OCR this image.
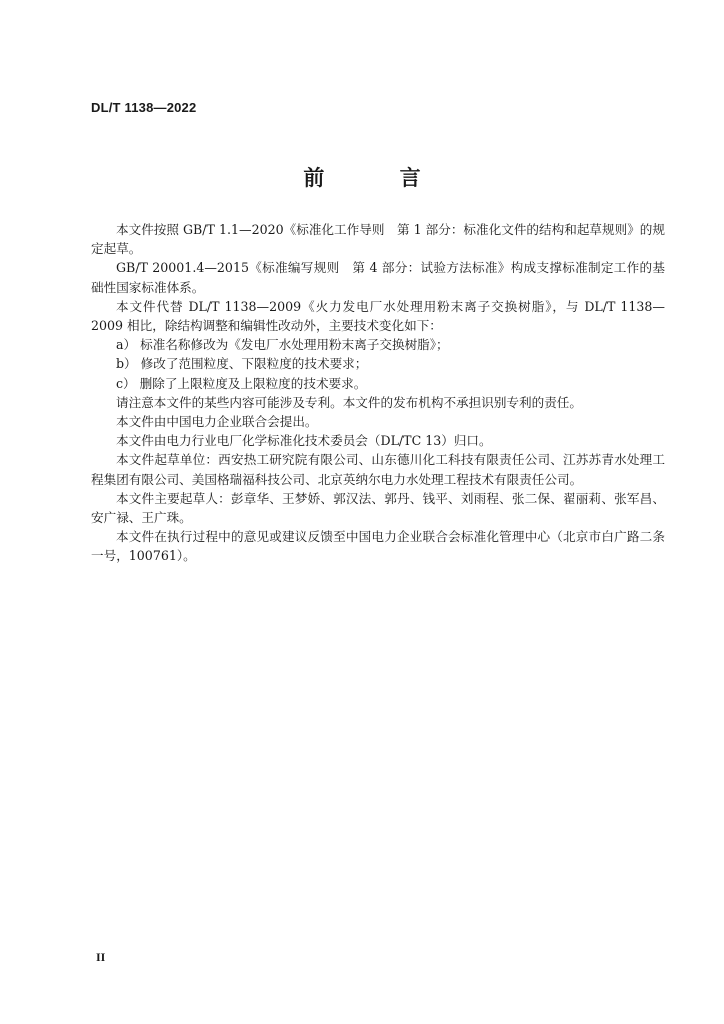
DL/T 1138—2022
前 言

本文件按照 GB/T 1.1—2020《标准化工作导则　第 1 部分：标准化文件的结构和起草规则》的规定起草。

GB/T 20001.4—2015《标准编写规则　第 4 部分：试验方法标准》构成支撑标准制定工作的基础性国家标准体系。

本文件代替 DL/T 1138—2009《火力发电厂水处理用粉末离子交换树脂》，与 DL/T 1138—2009 相比，除结构调整和编辑性改动外，主要技术变化如下：

a） 标准名称修改为《发电厂水处理用粉末离子交换树脂》；

b） 修改了范围粒度、下限粒度的技术要求；

c） 删除了上限粒度及上限粒度的技术要求。

请注意本文件的某些内容可能涉及专利。本文件的发布机构不承担识别专利的责任。

本文件由中国电力企业联合会提出。

本文件由电力行业电厂化学标准化技术委员会（DL/TC 13）归口。

本文件起草单位：西安热工研究院有限公司、山东德川化工科技有限责任公司、江苏苏青水处理工程集团有限公司、美国格瑞福科技公司、北京英纳尔电力水处理工程技术有限责任公司。

本文件主要起草人：彭章华、王梦娇、郭汉法、郭丹、钱平、刘雨程、张二保、翟丽莉、张军昌、安广禄、王广珠。

本文件在执行过程中的意见或建议反馈至中国电力企业联合会标准化管理中心（北京市白广路二条一号，100761）。

II
